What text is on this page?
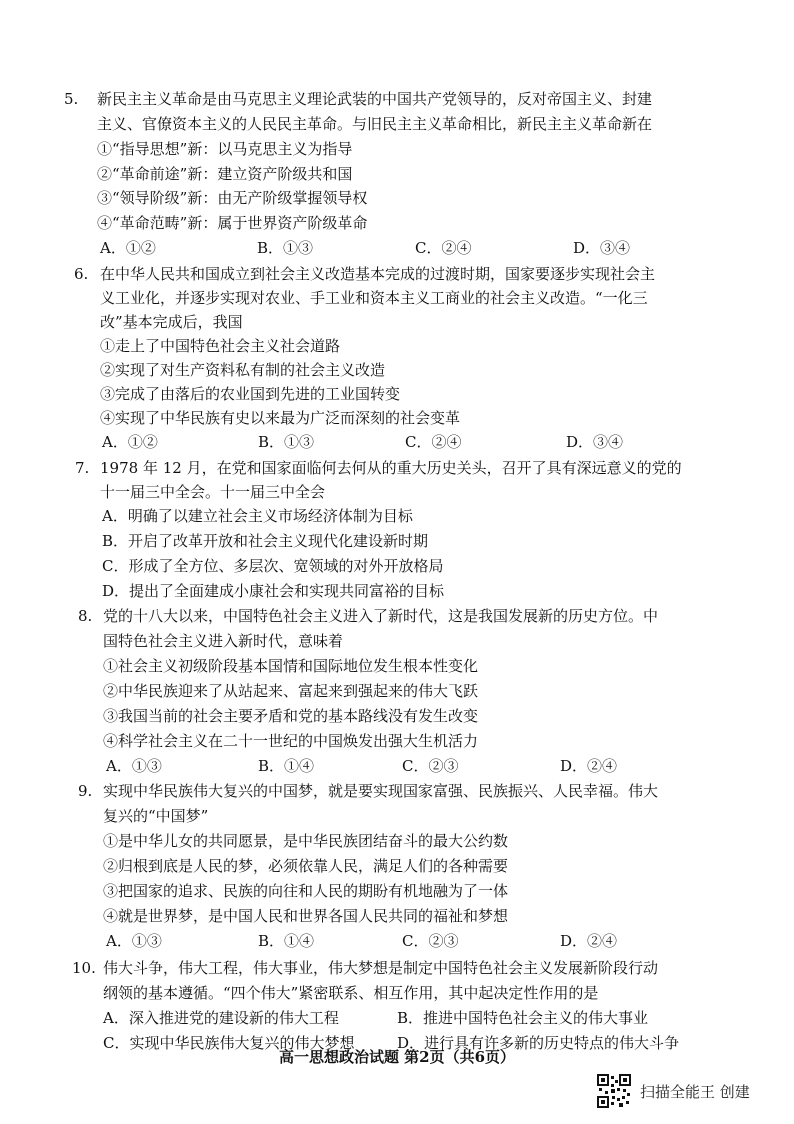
5. 新民主主义革命是由马克思主义理论武装的中国共产党领导的，反对帝国主义、封建
主义、官僚资本主义的人民民主革命。与旧民主主义革命相比，新民主主义革命新在
①“指导思想”新：以马克思主义为指导
②“革命前途”新：建立资产阶级共和国
③“领导阶级”新：由无产阶级掌握领导权
④“革命范畴”新：属于世界资产阶级革命
A．①②	B．①③	C．②④	D．③④
6. 在中华人民共和国成立到社会主义改造基本完成的过渡时期，国家要逐步实现社会主
义工业化，并逐步实现对农业、手工业和资本主义工商业的社会主义改造。“一化三
改”基本完成后，我国
①走上了中国特色社会主义社会道路
②实现了对生产资料私有制的社会主义改造
③完成了由落后的农业国到先进的工业国转变
④实现了中华民族有史以来最为广泛而深刻的社会变革
A．①②	B．①③	C．②④	D．③④
7. 1978 年 12 月，在党和国家面临何去何从的重大历史关头，召开了具有深远意义的党的
十一届三中全会。十一届三中全会
A．明确了以建立社会主义市场经济体制为目标
B．开启了改革开放和社会主义现代化建设新时期
C．形成了全方位、多层次、宽领域的对外开放格局
D．提出了全面建成小康社会和实现共同富裕的目标
8. 党的十八大以来，中国特色社会主义进入了新时代，这是我国发展新的历史方位。中
国特色社会主义进入新时代，意味着
①社会主义初级阶段基本国情和国际地位发生根本性变化
②中华民族迎来了从站起来、富起来到强起来的伟大飞跃
③我国当前的社会主要矛盾和党的基本路线没有发生改变
④科学社会主义在二十一世纪的中国焕发出强大生机活力
A．①③	B．①④	C．②③	D．②④
9. 实现中华民族伟大复兴的中国梦，就是要实现国家富强、民族振兴、人民幸福。伟大
复兴的“中国梦”
①是中华儿女的共同愿景，是中华民族团结奋斗的最大公约数
②归根到底是人民的梦，必须依靠人民，满足人们的各种需要
③把国家的追求、民族的向往和人民的期盼有机地融为了一体
④就是世界梦，是中国人民和世界各国人民共同的福祉和梦想
A．①③	B．①④	C．②③	D．②④
10. 伟大斗争，伟大工程，伟大事业，伟大梦想是制定中国特色社会主义发展新阶段行动
纲领的基本遵循。“四个伟大”紧密联系、相互作用，其中起决定性作用的是
A．深入推进党的建设新的伟大工程	B．推进中国特色社会主义的伟大事业
C．实现中华民族伟大复兴的伟大梦想	D．进行具有许多新的历史特点的伟大斗争
高一思想政治试题 第2页（共6页）
扫描全能王 创建
